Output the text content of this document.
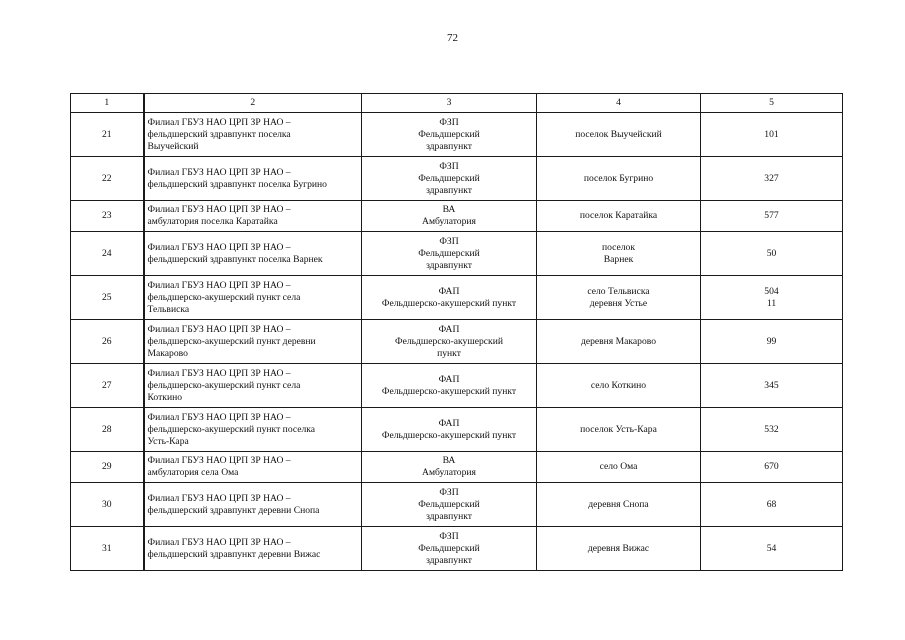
72
1	2	3	4	5
21	Филиал ГБУЗ НАО ЦРП ЗР НАО –
фельдшерский здравпункт поселка
Выучейский	ФЗП
Фельдшерский
здравпункт	поселок Выучейский	101

22	Филиал ГБУЗ НАО ЦРП ЗР НАО –
фельдшерский здравпункт поселка Бугрино	ФЗП
Фельдшерский
здравпункт	поселок Бугрино	327

23	Филиал ГБУЗ НАО ЦРП ЗР НАО –
амбулатория поселка Каратайка	ВА
Амбулатория	поселок Каратайка	577

24	Филиал ГБУЗ НАО ЦРП ЗР НАО –
фельдшерский здравпункт поселка Варнек	ФЗП
Фельдшерский
здравпункт	поселок
Варнек	50

25	Филиал ГБУЗ НАО ЦРП ЗР НАО –
фельдшерско-акушерский пункт села
Тельвиска	ФАП
Фельдшерско-акушерский пункт	село Тельвиска
деревня Устье	504
11

26	Филиал ГБУЗ НАО ЦРП ЗР НАО –
фельдшерско-акушерский пункт деревни
Макарово	ФАП
Фельдшерско-акушерский
пункт	деревня Макарово	99

27	Филиал ГБУЗ НАО ЦРП ЗР НАО –
фельдшерско-акушерский пункт села
Коткино	ФАП
Фельдшерско-акушерский пункт	село Коткино	345

28	Филиал ГБУЗ НАО ЦРП ЗР НАО –
фельдшерско-акушерский пункт поселка
Усть-Кара	ФАП
Фельдшерско-акушерский пункт	поселок Усть-Кара	532

29	Филиал ГБУЗ НАО ЦРП ЗР НАО –
амбулатория села Ома	ВА
Амбулатория	село Ома	670

30	Филиал ГБУЗ НАО ЦРП ЗР НАО –
фельдшерский здравпункт деревни Снопа	ФЗП
Фельдшерский
здравпункт	деревня Снопа	68

31	Филиал ГБУЗ НАО ЦРП ЗР НАО –
фельдшерский здравпункт деревни Вижас	ФЗП
Фельдшерский
здравпункт	деревня Вижас	54
